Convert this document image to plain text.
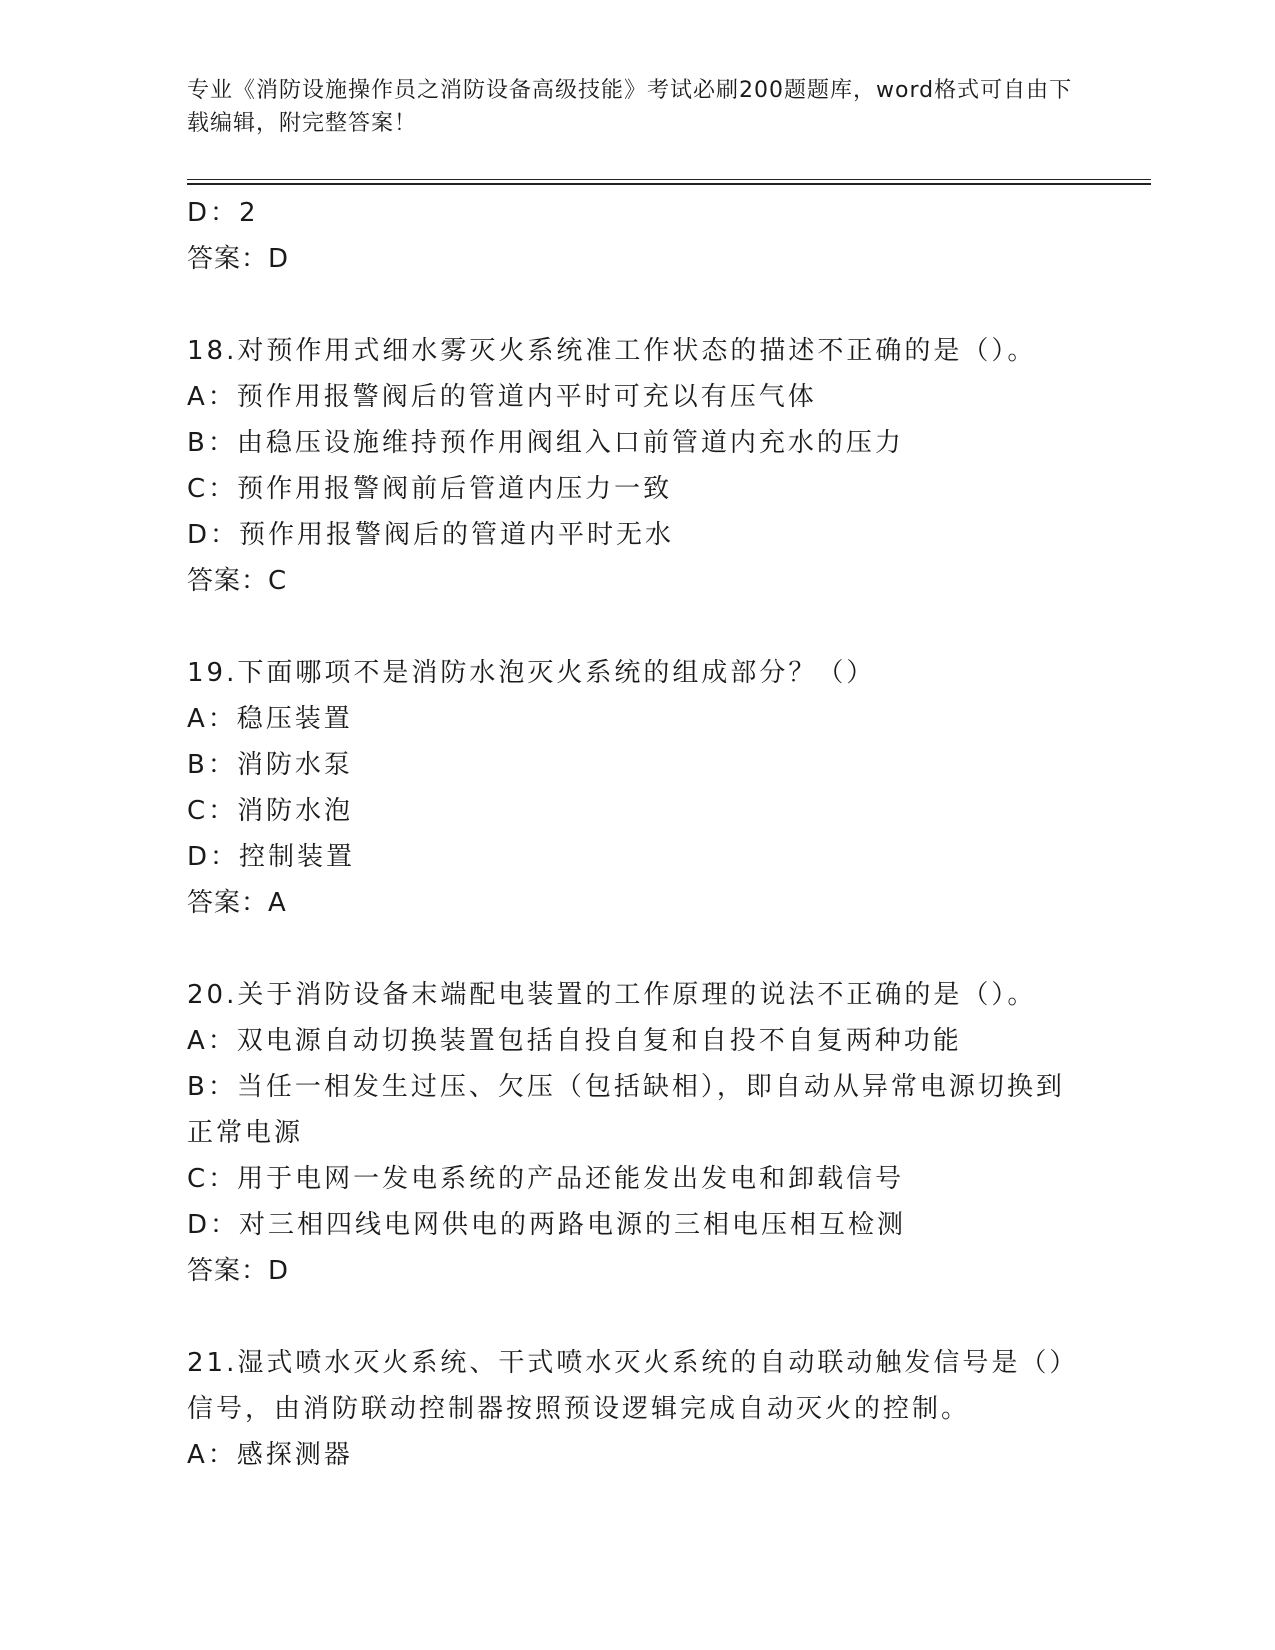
专业《消防设施操作员之消防设备高级技能》考试必刷200题题库，word格式可自由下载编辑，附完整答案！
D：2
答案：D
18.对预作用式细水雾灭火系统准工作状态的描述不正确的是（）。
A：预作用报警阀后的管道内平时可充以有压气体
B：由稳压设施维持预作用阀组入口前管道内充水的压力
C：预作用报警阀前后管道内压力一致
D：预作用报警阀后的管道内平时无水
答案：C
19.下面哪项不是消防水泡灭火系统的组成部分？（）
A：稳压装置
B：消防水泵
C：消防水泡
D：控制装置
答案：A
20.关于消防设备末端配电装置的工作原理的说法不正确的是（）。
A：双电源自动切换装置包括自投自复和自投不自复两种功能
B：当任一相发生过压、欠压（包括缺相），即自动从异常电源切换到正常电源
C：用于电网一发电系统的产品还能发出发电和卸载信号
D：对三相四线电网供电的两路电源的三相电压相互检测
答案：D
21.湿式喷水灭火系统、干式喷水灭火系统的自动联动触发信号是（）信号，由消防联动控制器按照预设逻辑完成自动灭火的控制。
A：感探测器
